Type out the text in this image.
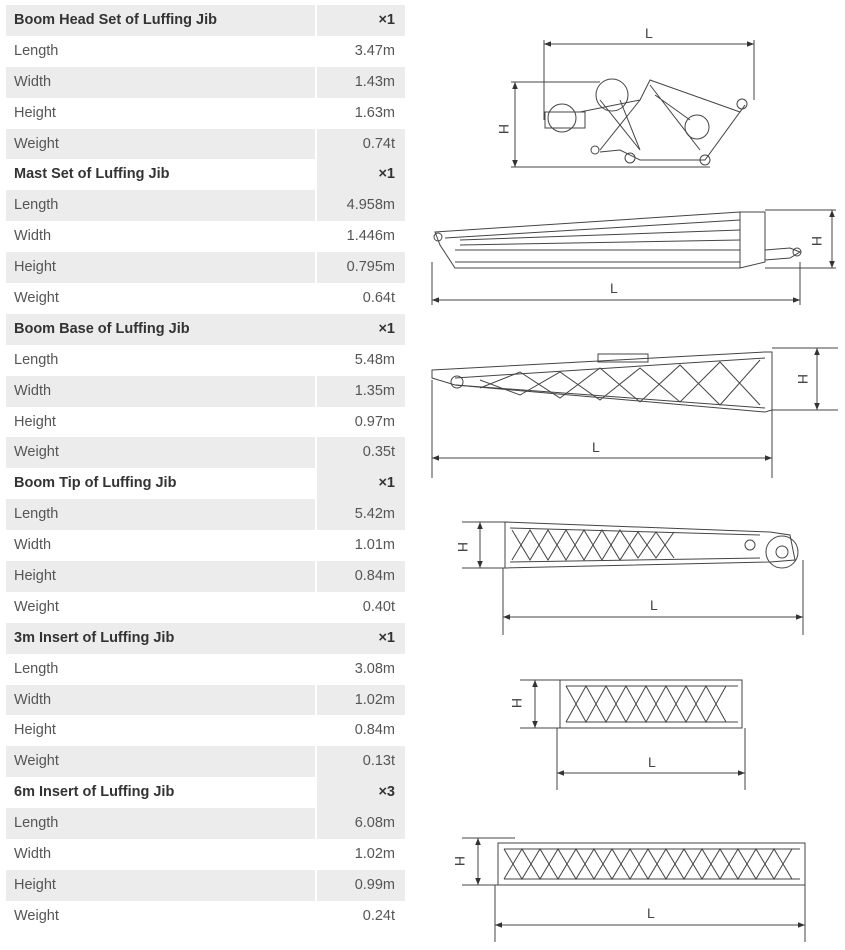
Boom Head Set of Luffing Jib	×1
Length	3.47m
Width	1.43m
Height	1.63m
Weight	0.74t
Mast Set of Luffing Jib	×1
Length	4.958m
Width	1.446m
Height	0.795m
Weight	0.64t
Boom Base of Luffing Jib	×1
Length	5.48m
Width	1.35m
Height	0.97m
Weight	0.35t
Boom Tip of Luffing Jib	×1
Length	5.42m
Width	1.01m
Height	0.84m
Weight	0.40t
3m Insert of Luffing Jib	×1
Length	3.08m
Width	1.02m
Height	0.84m
Weight	0.13t
6m Insert of Luffing Jib	×3
Length	6.08m
Width	1.02m
Height	0.99m
Weight	0.24t
L
H
L
H
L
H
L
H
L
H
L
H
